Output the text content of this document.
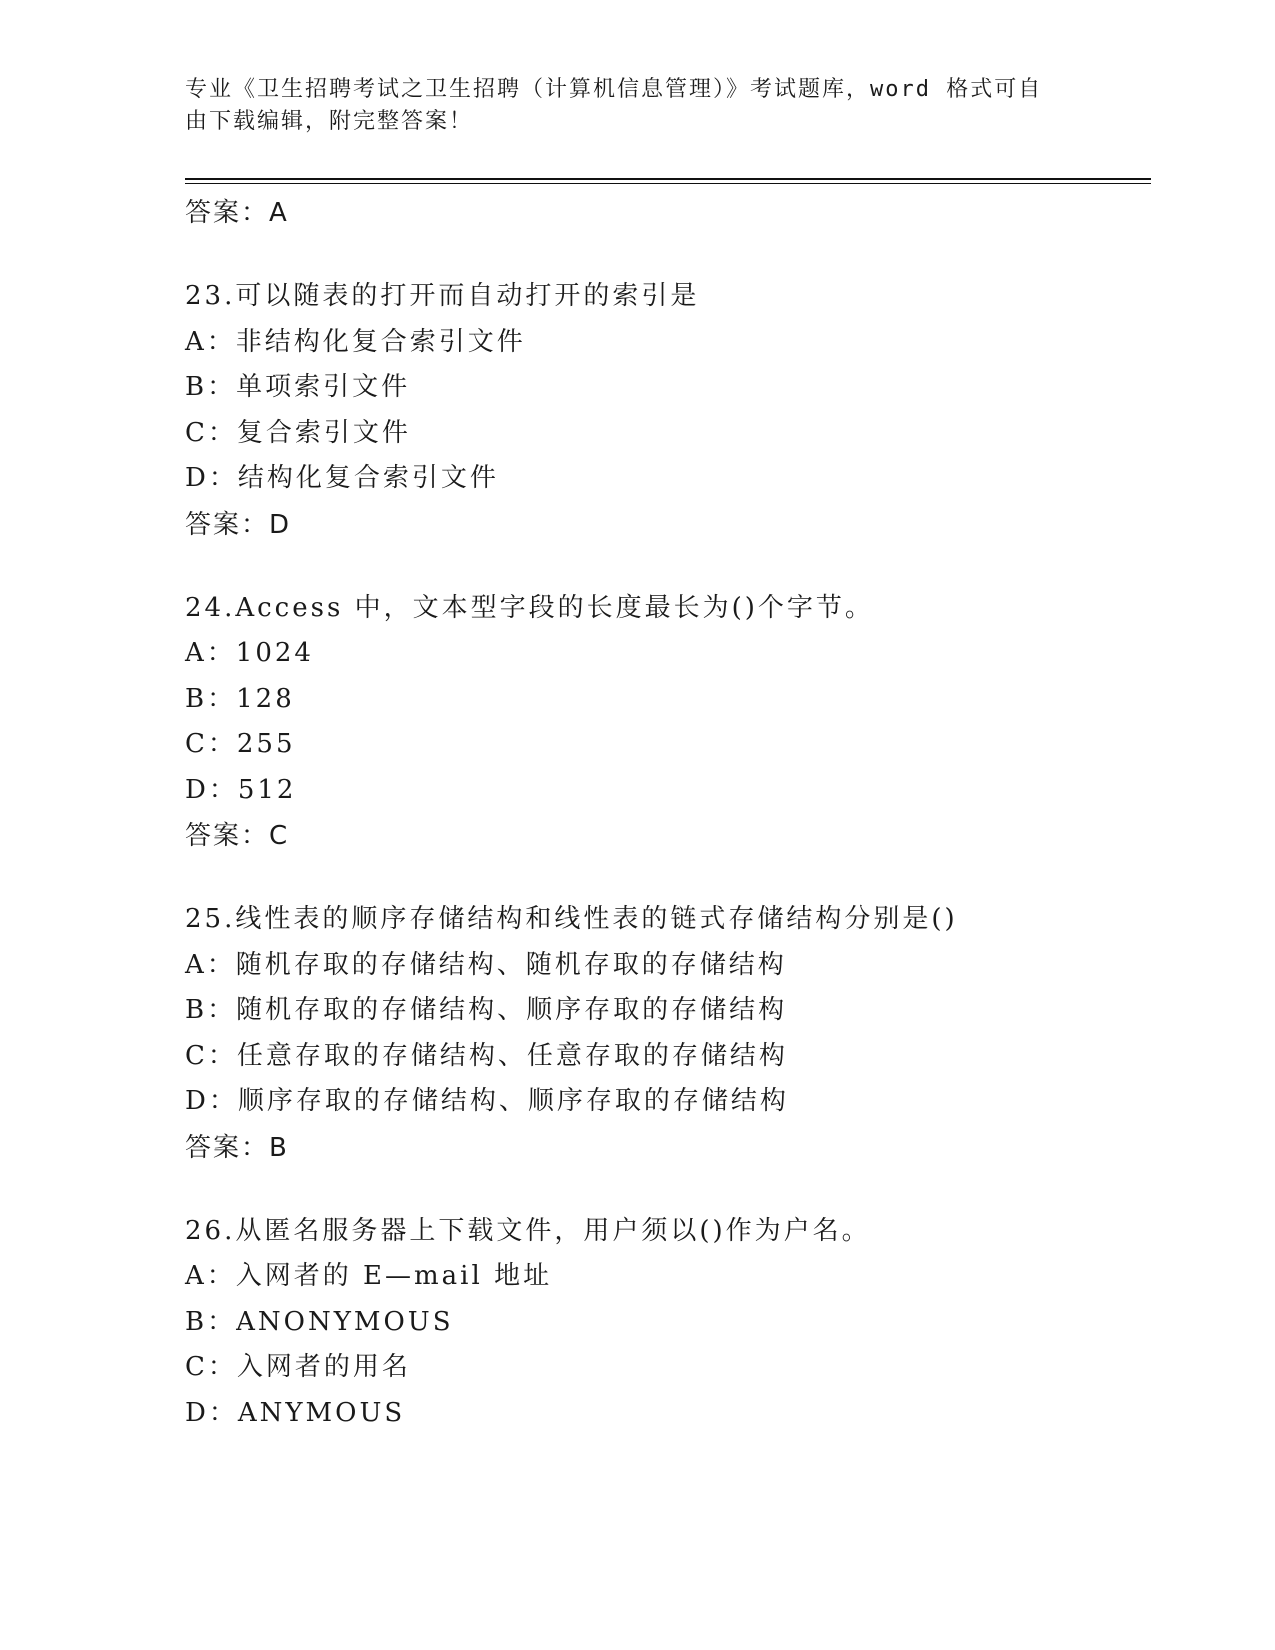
专业《卫生招聘考试之卫生招聘（计算机信息管理）》考试题库，word 格式可自
由下载编辑，附完整答案！
答案：A
23.可以随表的打开而自动打开的索引是
A：非结构化复合索引文件
B：单项索引文件
C：复合索引文件
D：结构化复合索引文件
答案：D
24.Access 中，文本型字段的长度最长为()个字节。
A：1024
B：128
C：255
D：512
答案：C
25.线性表的顺序存储结构和线性表的链式存储结构分别是()
A：随机存取的存储结构、随机存取的存储结构
B：随机存取的存储结构、顺序存取的存储结构
C：任意存取的存储结构、任意存取的存储结构
D：顺序存取的存储结构、顺序存取的存储结构
答案：B
26.从匿名服务器上下载文件，用户须以()作为户名。
A：入网者的 E—mail 地址
B：ANONYMOUS
C：入网者的用名
D：ANYMOUS
